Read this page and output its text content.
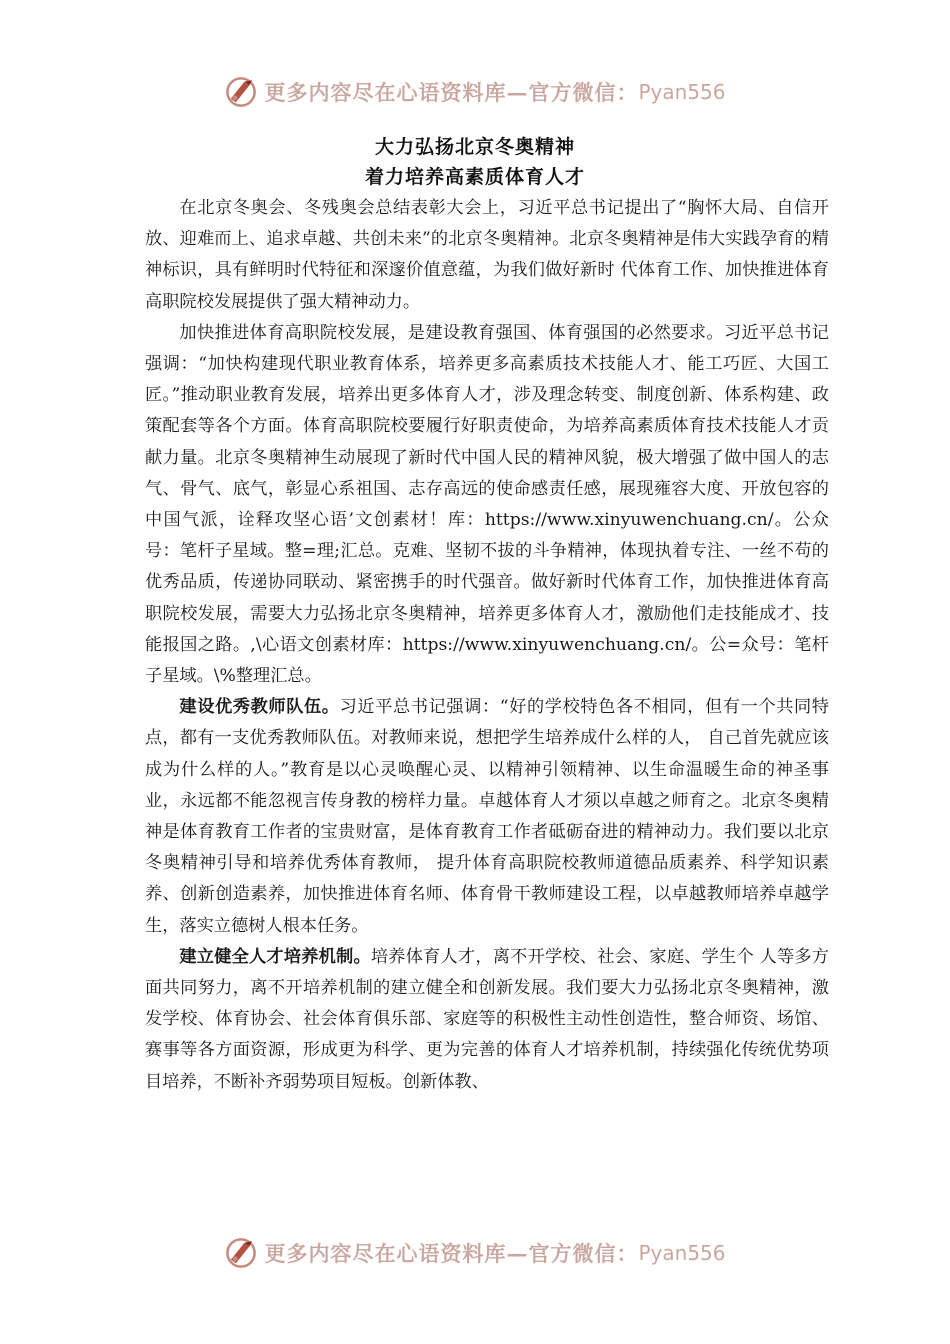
更多内容尽在心语资料库—官方微信： Pyan556
大力弘扬北京冬奥精神
着力培养高素质体育人才

在北京冬奥会、冬残奥会总结表彰大会上，习近平总书记提出了“胸怀大局、自信开放、迎难而上、追求卓越、共创未来”的北京冬奥精神。北京冬奥精神是伟大实践孕育的精神标识，具有鲜明时代特征和深邃价值意蕴，为我们做好新时 代体育工作、加快推进体育高职院校发展提供了强大精神动力。

加快推进体育高职院校发展，是建设教育强国、体育强国的必然要求。习近平总书记强调：“加快构建现代职业教育体系，培养更多高素质技术技能人才、能工巧匠、大国工匠。”推动职业教育发展，培养出更多体育人才，涉及理念转变、制度创新、体系构建、政策配套等各个方面。体育高职院校要履行好职责使命，为培养高素质体育技术技能人才贡献力量。北京冬奥精神生动展现了新时代中国人民的精神风貌，极大增强了做中国人的志气、骨气、底气，彰显心系祖国、志存高远的使命感责任感，展现雍容大度、开放包容的中国气派，诠释攻坚心语’文创素材！库：https://www.xinyuwenchuang.cn/。公众号：笔杆子星域。整=理;汇总。克难、坚韧不拔的斗争精神，体现执着专注、一丝不苟的优秀品质，传递协同联动、紧密携手的时代强音。做好新时代体育工作，加快推进体育高职院校发展，需要大力弘扬北京冬奥精神，培养更多体育人才，激励他们走技能成才、技能报国之路。,\心语文创素材库：https://www.xinyuwenchuang.cn/。公=众号：笔杆子星域。\%整理汇总。

建设优秀教师队伍。习近平总书记强调：“好的学校特色各不相同，但有一个共同特点，都有一支优秀教师队伍。对教师来说，想把学生培养成什么样的人， 自己首先就应该成为什么样的人。”教育是以心灵唤醒心灵、以精神引领精神、以生命温暖生命的神圣事业，永远都不能忽视言传身教的榜样力量。卓越体育人才须以卓越之师育之。北京冬奥精神是体育教育工作者的宝贵财富，是体育教育工作者砥砺奋进的精神动力。我们要以北京冬奥精神引导和培养优秀体育教师， 提升体育高职院校教师道德品质素养、科学知识素养、创新创造素养，加快推进体育名师、体育骨干教师建设工程，以卓越教师培养卓越学生，落实立德树人根本任务。

建立健全人才培养机制。培养体育人才，离不开学校、社会、家庭、学生个 人等多方面共同努力，离不开培养机制的建立健全和创新发展。我们要大力弘扬北京冬奥精神，激发学校、体育协会、社会体育俱乐部、家庭等的积极性主动性创造性，整合师资、场馆、赛事等各方面资源，形成更为科学、更为完善的体育人才培养机制，持续强化传统优势项目培养，不断补齐弱势项目短板。创新体教、

更多内容尽在心语资料库—官方微信： Pyan556
